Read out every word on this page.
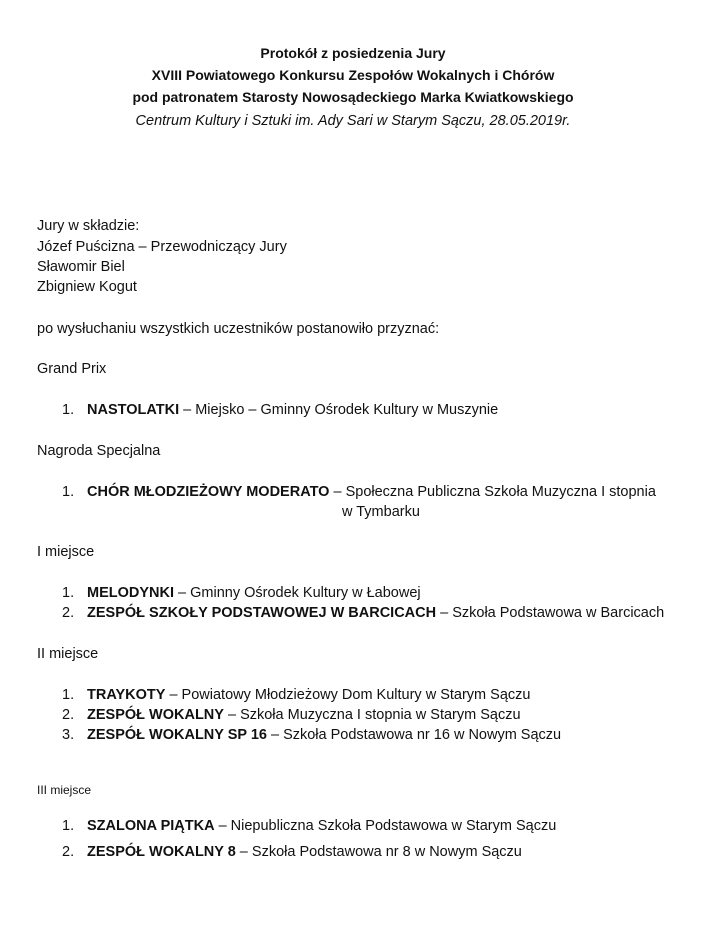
Protokół z posiedzenia Jury
XVIII Powiatowego Konkursu Zespołów Wokalnych i Chórów
pod patronatem Starosty Nowosądeckiego Marka Kwiatkowskiego
Centrum Kultury i Sztuki im. Ady Sari w Starym Sączu, 28.05.2019r.
Jury w składzie:
Józef Puścizna – Przewodniczący Jury
Sławomir Biel
Zbigniew Kogut
po wysłuchaniu wszystkich uczestników postanowiło przyznać:
Grand Prix
1. NASTOLATKI – Miejsko – Gminny Ośrodek Kultury w Muszynie
Nagroda Specjalna
1. CHÓR MŁODZIEŻOWY MODERATO – Społeczna Publiczna Szkoła Muzyczna I stopnia
w Tymbarku
I miejsce
1. MELODYNKI – Gminny Ośrodek Kultury w Łabowej
2. ZESPÓŁ SZKOŁY PODSTAWOWEJ W BARCICACH – Szkoła Podstawowa w Barcicach
II miejsce
1. TRAYKOTY – Powiatowy Młodzieżowy Dom Kultury w Starym Sączu
2. ZESPÓŁ WOKALNY – Szkoła Muzyczna I stopnia w Starym Sączu
3. ZESPÓŁ WOKALNY SP 16 – Szkoła Podstawowa nr 16 w Nowym Sączu
III miejsce
1. SZALONA PIĄTKA – Niepubliczna Szkoła Podstawowa w Starym Sączu
2. ZESPÓŁ WOKALNY 8 – Szkoła Podstawowa nr 8 w Nowym Sączu
